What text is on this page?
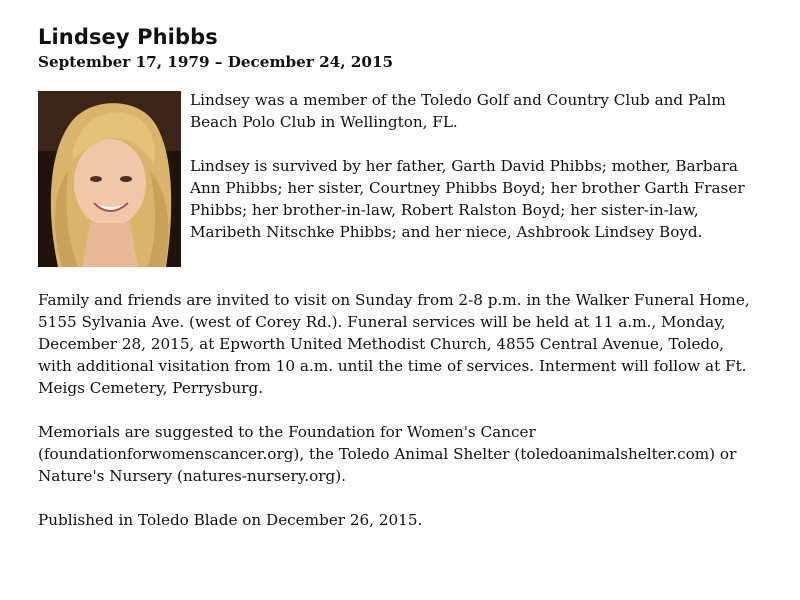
Lindsey Phibbs
September 17, 1979 – December 24, 2015

Lindsey was a member of the Toledo Golf and Country Club and Palm Beach Polo Club in Wellington, FL.

Lindsey is survived by her father, Garth David Phibbs; mother, Barbara Ann Phibbs; her sister, Courtney Phibbs Boyd; her brother Garth Fraser Phibbs; her brother-in-law, Robert Ralston Boyd; her sister-in-law, Maribeth Nitschke Phibbs; and her niece, Ashbrook Lindsey Boyd.

Family and friends are invited to visit on Sunday from 2-8 p.m. in the Walker Funeral Home, 5155 Sylvania Ave. (west of Corey Rd.). Funeral services will be held at 11 a.m., Monday, December 28, 2015, at Epworth United Methodist Church, 4855 Central Avenue, Toledo, with additional visitation from 10 a.m. until the time of services. Interment will follow at Ft. Meigs Cemetery, Perrysburg.

Memorials are suggested to the Foundation for Women's Cancer (foundationforwomenscancer.org), the Toledo Animal Shelter (toledoanimalshelter.com) or Nature's Nursery (natures-nursery.org).

Published in Toledo Blade on December 26, 2015.
